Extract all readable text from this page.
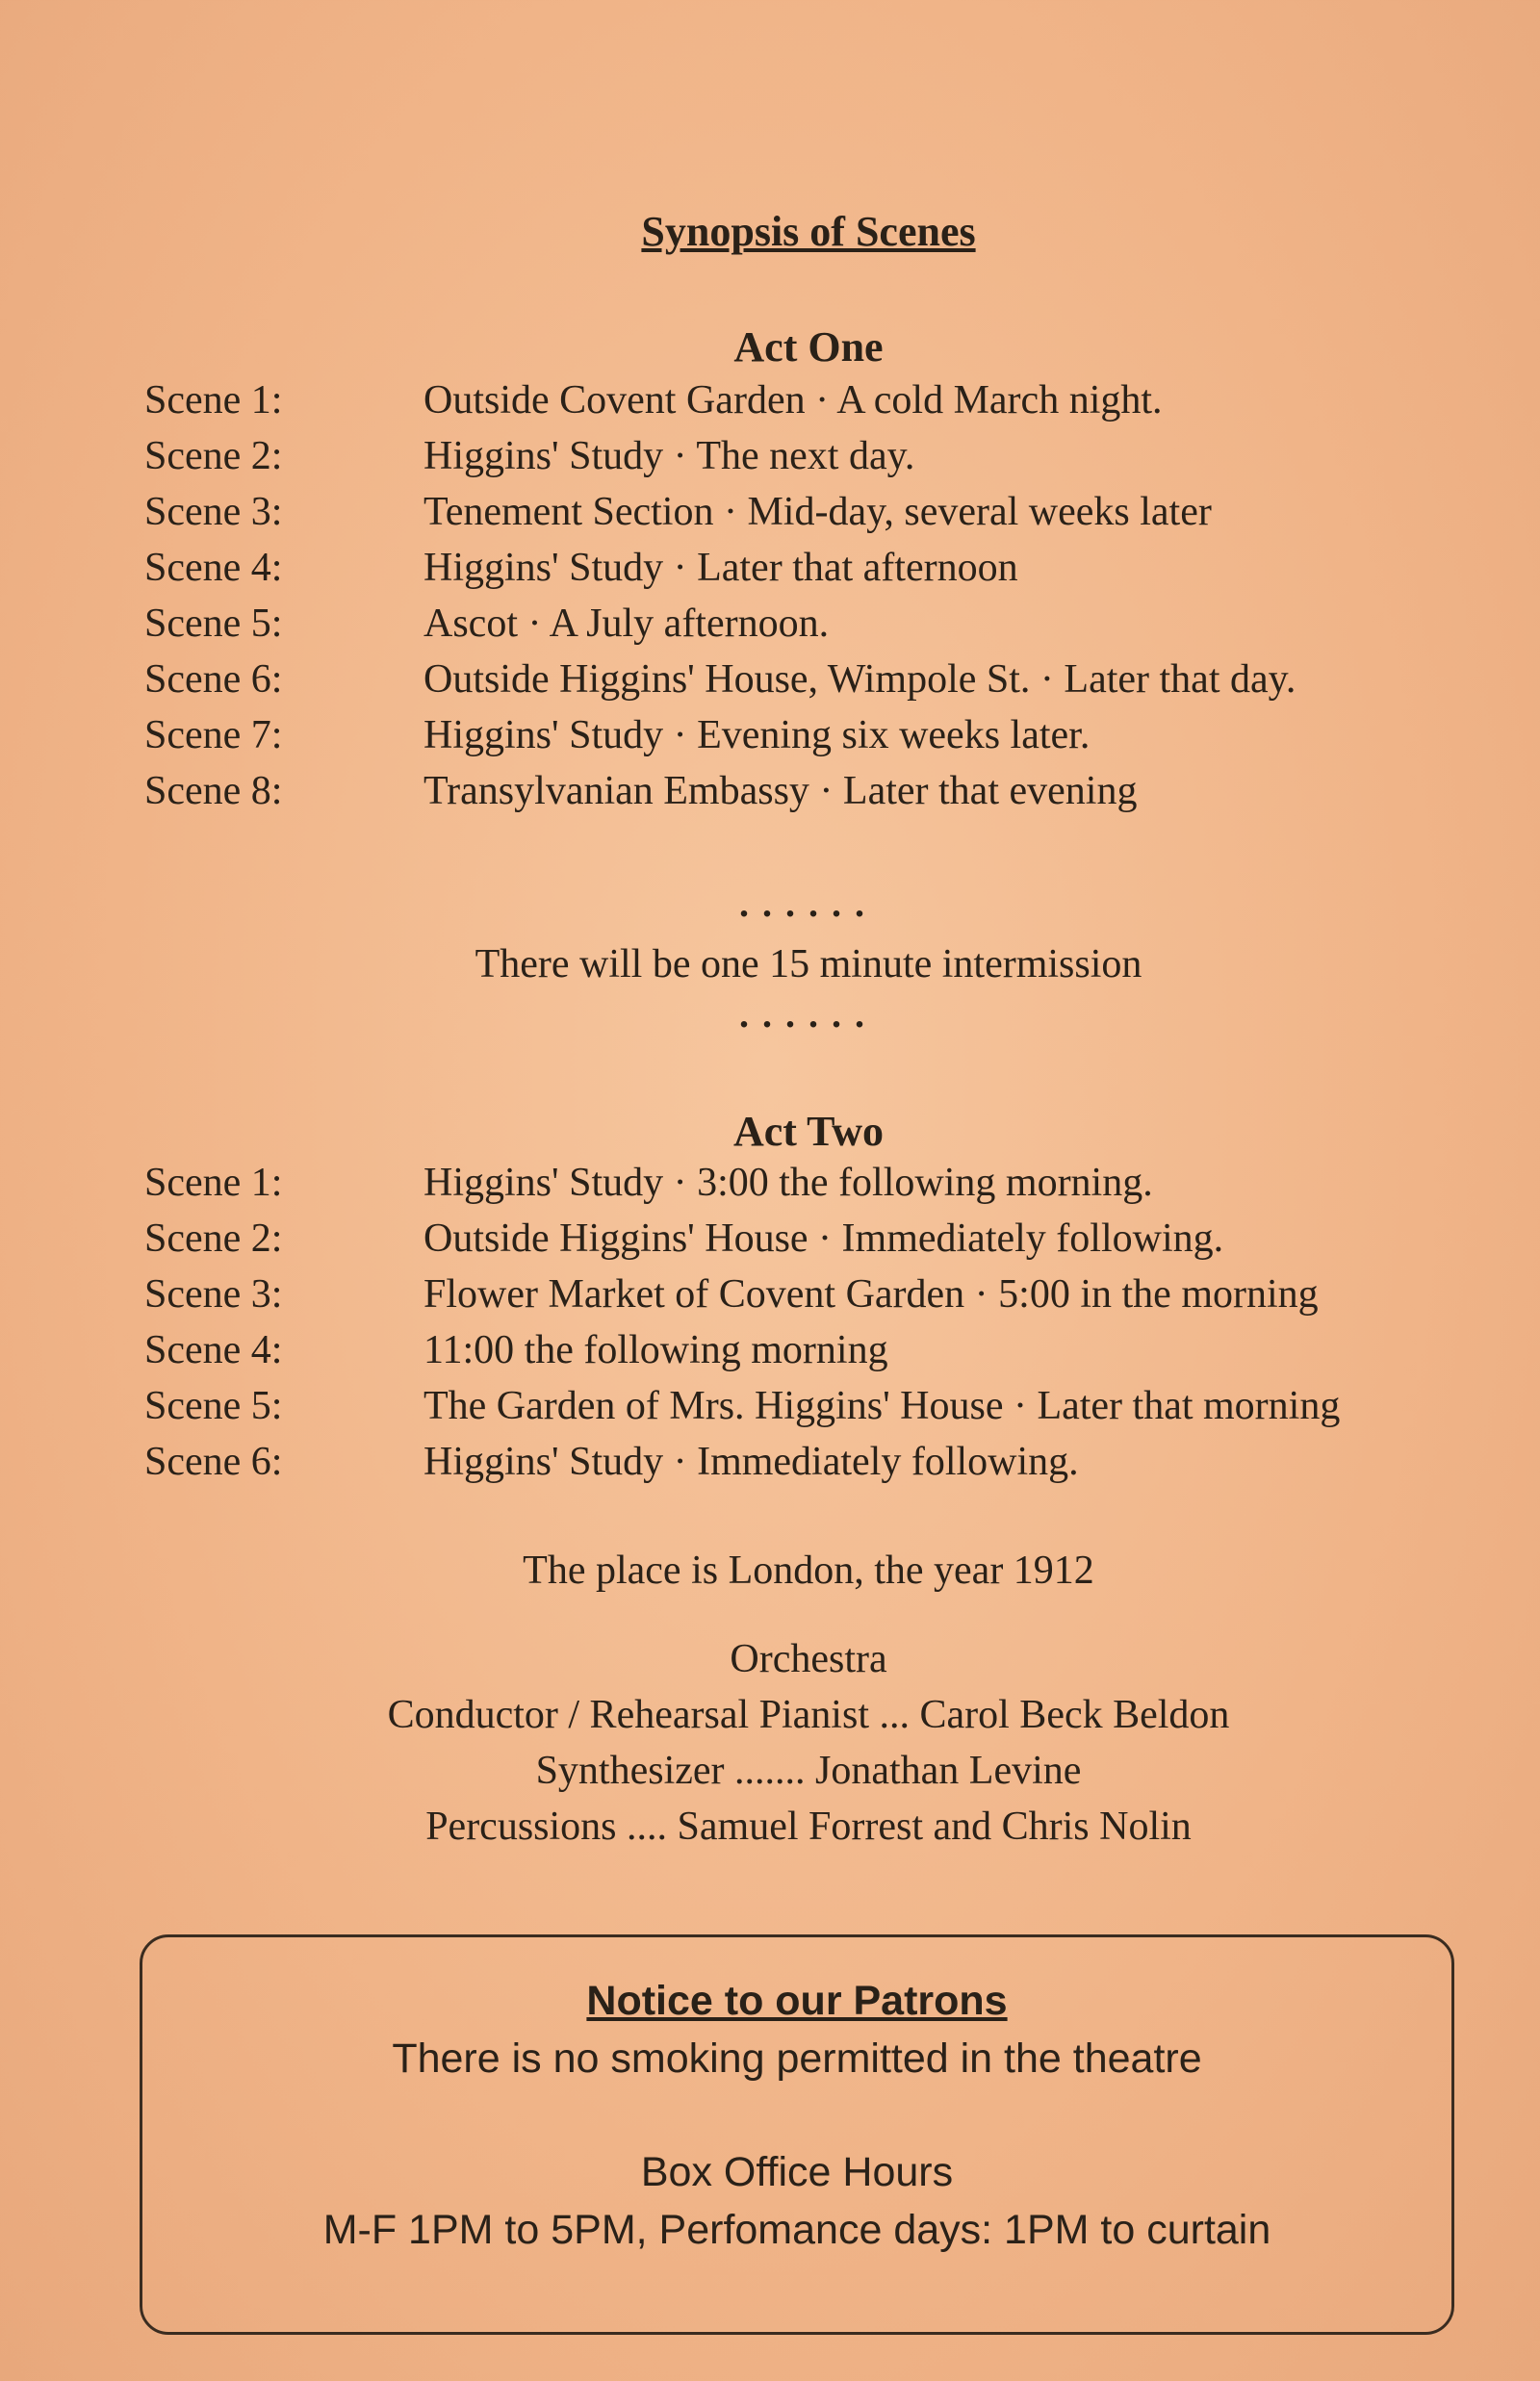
Synopsis of Scenes
Act One
Scene 1:	Outside Covent Garden · A cold March night.
Scene 2:	Higgins' Study · The next day.
Scene 3:	Tenement Section · Mid-day, several weeks later
Scene 4:	Higgins' Study · Later that afternoon
Scene 5:	Ascot · A July afternoon.
Scene 6:	Outside Higgins' House, Wimpole St. · Later that day.
Scene 7:	Higgins' Study · Evening six weeks later.
Scene 8:	Transylvanian Embassy · Later that evening
......
There will be one 15 minute intermission
......
Act Two
Scene 1:	Higgins' Study · 3:00 the following morning.
Scene 2:	Outside Higgins' House · Immediately following.
Scene 3:	Flower Market of Covent Garden · 5:00 in the morning
Scene 4:	11:00 the following morning
Scene 5:	The Garden of Mrs. Higgins' House · Later that morning
Scene 6:	Higgins' Study · Immediately following.
The place is London, the year 1912
Orchestra
Conductor / Rehearsal Pianist ... Carol Beck Beldon
Synthesizer ....... Jonathan Levine
Percussions .... Samuel Forrest and Chris Nolin
Notice to our Patrons
There is no smoking permitted in the theatre
Box Office Hours
M-F 1PM to 5PM, Perfomance days: 1PM to curtain
